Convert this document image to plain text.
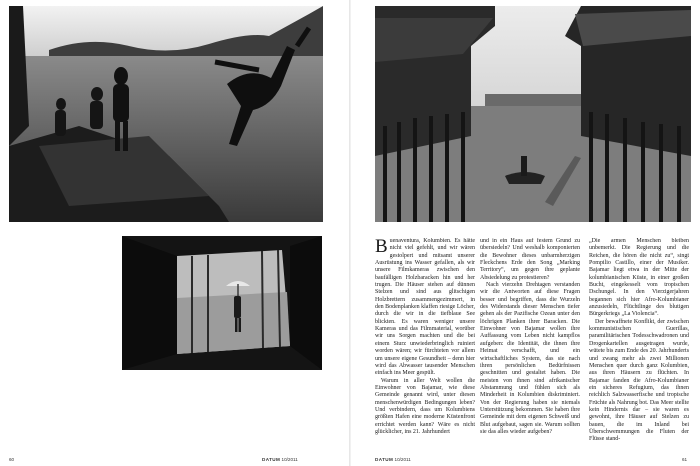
Buenaventura, Kolumbien. Es hätte nicht viel gefehlt, und wir wären gestolpert und mitsamt unserer Ausrüstung ins Wasser gefallen, als wir unsere Filmkameras zwischen den baufälligen Holzbaracken hin und her trugen. Die Häuser stehen auf dünnen Stelzen und sind aus glitschigen Holzbrettern zusammengezimmert, in den Bodenplanken klaffen riesige Löcher, durch die wir in die tiefblaue See blickten. Es waren weniger unsere Kameras und das Filmmaterial, worüber wir uns Sorgen machten und die bei einem Sturz unwiederbringlich ruiniert worden wären; wir fürchteten vor allem um unsere eigene Gesundheit – denn hier wird das Abwasser tausender Menschen einfach ins Meer gespült.

Warum in aller Welt wollen die Einwohner von Bajamar, wie diese Gemeinde genannt wird, unter diesen menschenwürdigen Bedingungen leben? Und verbindern, dass um Kolumbiens größten Hafen eine moderne Küstenfront errichtet werden kann? Wäre es nicht glücklicher, ins 21. Jahrhundert

und in ein Haus auf festem Grund zu übersiedeln? Und weshalb komponierten die Bewohner dieses unbarmherzigen Fleckchens Erde den Song „Marking Territory“, um gegen ihre geplante Absiedelung zu protestieren?

Nach vierzehn Drehtagen verstanden wir die Antworten auf diese Fragen besser und begriffen, dass die Wurzeln des Widerstands dieser Menschen tiefer gehen als der Pazifische Ozean unter den löchrigen Planken ihrer Baracken. Die Einwohner von Bajamar wollen ihre Auffassung vom Leben nicht kampflos aufgeben: die Identität, die ihnen ihre Heimat verschafft, und ein wirtschaftliches System, das sie nach ihren persönlichen Bedürfnissen geschnitten und gestaltet haben. Die meisten von ihnen sind afrikanischer Abstammung und fühlen sich als Minderheit in Kolumbien diskriminiert. Von der Regierung haben sie niemals Unterstützung bekommen. Sie haben ihre Gemeinde mit dem eigenen Schweiß und Blut aufgebaut, sagen sie. Warum sollten sie das alles wieder aufgeben?

„Die armen Menschen bleiben unbemerkt. Die Regierung und die Reichen, die hören die nicht zu“, singt Pompilio Castillo, einer der Musiker. Bajamar liegt etwa in der Mitte der kolumbianischen Küste, in einer großen Bucht, eingekesselt vom tropischen Dschungel. In den Vierzigerjahren begannen sich hier Afro-Kolumbianer anzusiedeln, Flüchtlinge des blutigen Bürgerkriegs „La Violencia“.

Der bewaffnete Konflikt, der zwischen kommunistischen Guerillas, paramilitärischen Todesschwadronen und Drogenkartellen ausgetragen wurde, wütete bis zum Ende des 20. Jahrhunderts und zwang mehr als zwei Millionen Menschen quer durch ganz Kolumbien, aus ihren Häusern zu flüchten. In Bajamar fanden die Afro-Kolumbianer ein sicheres Refugium, das ihnen reichlich Salzwasserfische und tropische Früchte als Nahrung bot. Das Meer stellte kein Hindernis dar – sie waren es gewohnt, ihre Häuser auf Stelzen zu bauen, die im Inland bei Überschwemmungen die Fluten der Flüsse stand-

60	DATUM 10/2011	DATUM 10/2011	61
